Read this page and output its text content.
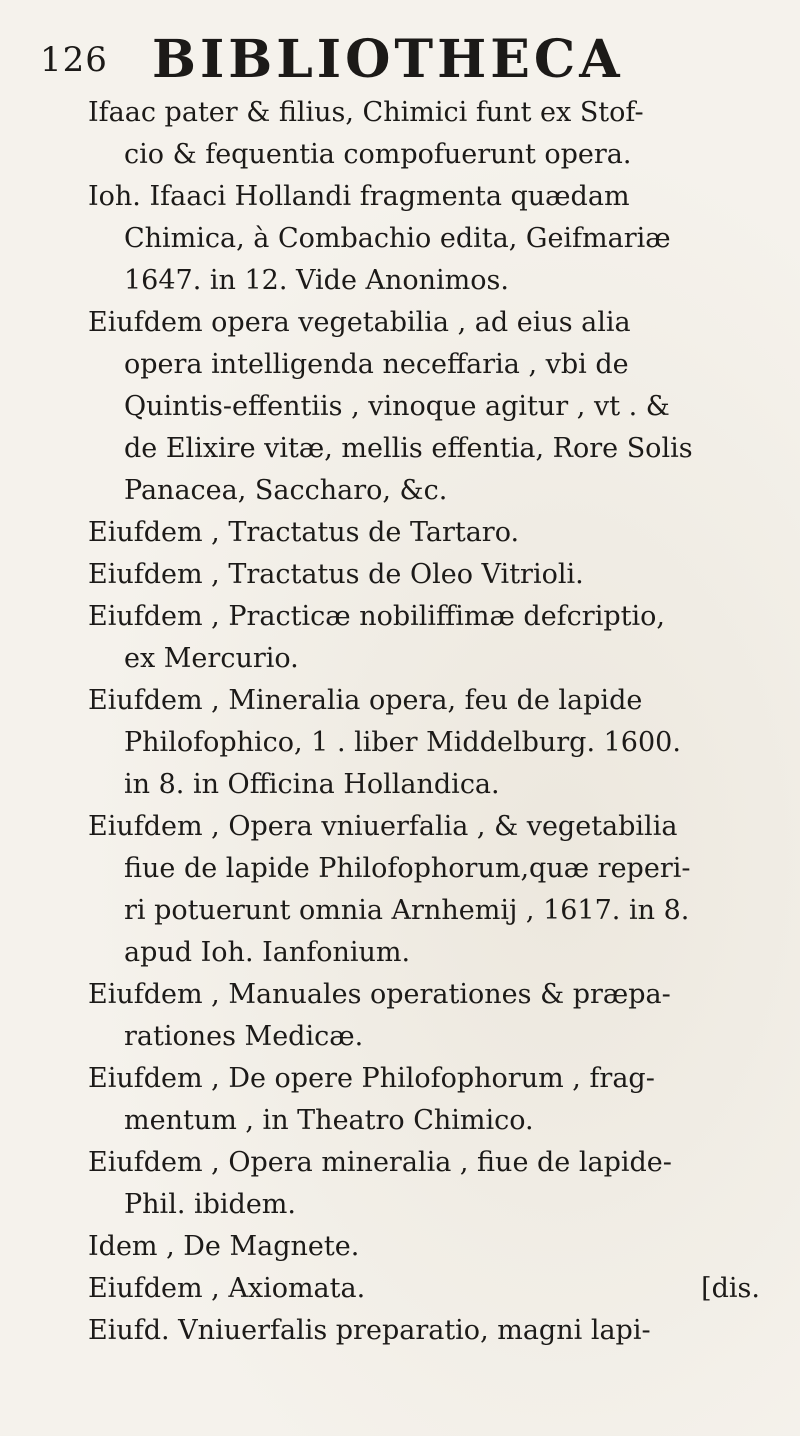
126 BIBLIOTHECA
Ifaac pater & filius, Chimici funt ex Stof-
cio & fequentia compofuerunt opera.
Ioh. Ifaaci Hollandi fragmenta quædam
Chimica, à Combachio edita, Geifmariæ
1647. in 12. Vide Anonimos.
Eiufdem opera vegetabilia , ad eius alia
opera intelligenda neceffaria , vbi de
Quintis-effentiis , vinoque agitur , vt . &
de Elixire vitæ, mellis effentia, Rore Solis
Panacea, Saccharo, &c.
Eiufdem , Tractatus de Tartaro.
Eiufdem , Tractatus de Oleo Vitrioli.
Eiufdem , Practicæ nobiliffimæ defcriptio,
ex Mercurio.
Eiufdem , Mineralia opera, feu de lapide
Philofophico, 1 . liber Middelburg. 1600.
in 8. in Officina Hollandica.
Eiufdem , Opera vniuerfalia , & vegetabilia
fiue de lapide Philofophorum,quæ reperi-
ri potuerunt omnia Arnhemij , 1617. in 8.
apud Ioh. Ianfonium.
Eiufdem , Manuales operationes & præpa-
rationes Medicæ.
Eiufdem , De opere Philofophorum , frag-
mentum , in Theatro Chimico.
Eiufdem , Opera mineralia , fiue de lapide-
Phil. ibidem.
Idem , De Magnete.
Eiufdem , Axiomata.	[dis.
Eiufd. Vniuerfalis preparatio, magni lapi-
